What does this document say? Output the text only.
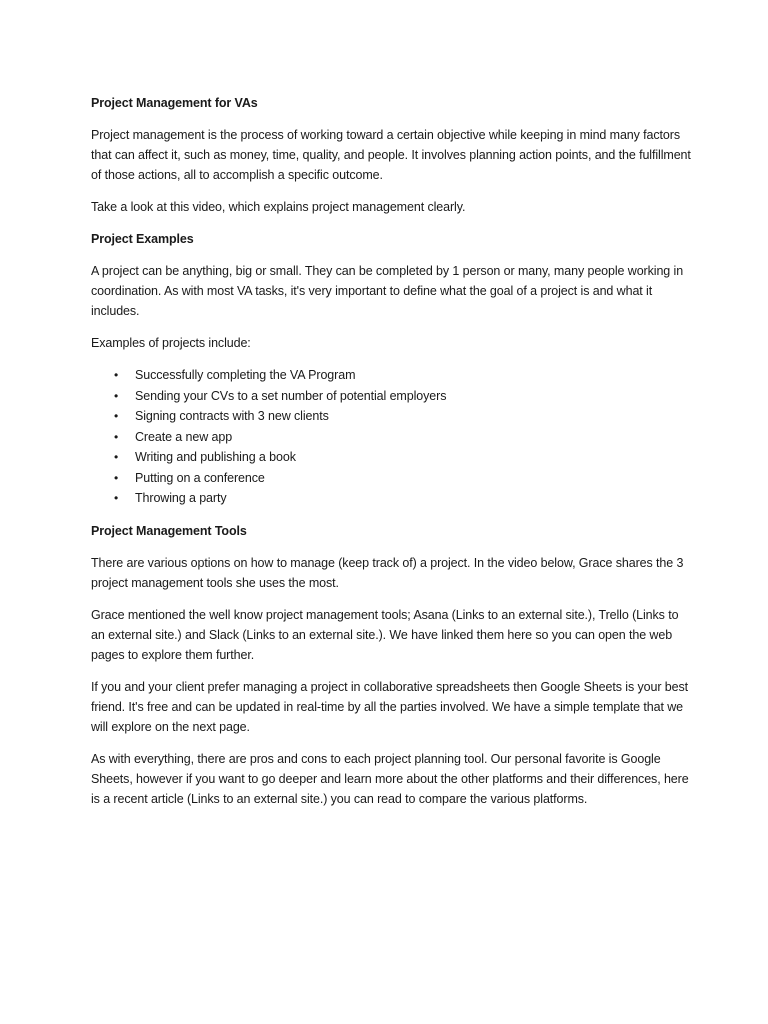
Project Management for VAs

Project management is the process of working toward a certain objective while keeping in mind many factors that can affect it, such as money, time, quality, and people. It involves planning action points, and the fulfillment of those actions, all to accomplish a specific outcome.

Take a look at this video, which explains project management clearly.

Project Examples

A project can be anything, big or small. They can be completed by 1 person or many, many people working in coordination. As with most VA tasks, it's very important to define what the goal of a project is and what it includes.

Examples of projects include:

• Successfully completing the VA Program
• Sending your CVs to a set number of potential employers
• Signing contracts with 3 new clients
• Create a new app
• Writing and publishing a book
• Putting on a conference
• Throwing a party
Project Management Tools

There are various options on how to manage (keep track of) a project. In the video below, Grace shares the 3 project management tools she uses the most.

Grace mentioned the well know project management tools; Asana (Links to an external site.), Trello (Links to an external site.) and Slack (Links to an external site.). We have linked them here so you can open the web pages to explore them further.

If you and your client prefer managing a project in collaborative spreadsheets then Google Sheets is your best friend. It's free and can be updated in real-time by all the parties involved. We have a simple template that we will explore on the next page.

As with everything, there are pros and cons to each project planning tool. Our personal favorite is Google Sheets, however if you want to go deeper and learn more about the other platforms and their differences, here is a recent article (Links to an external site.) you can read to compare the various platforms.
